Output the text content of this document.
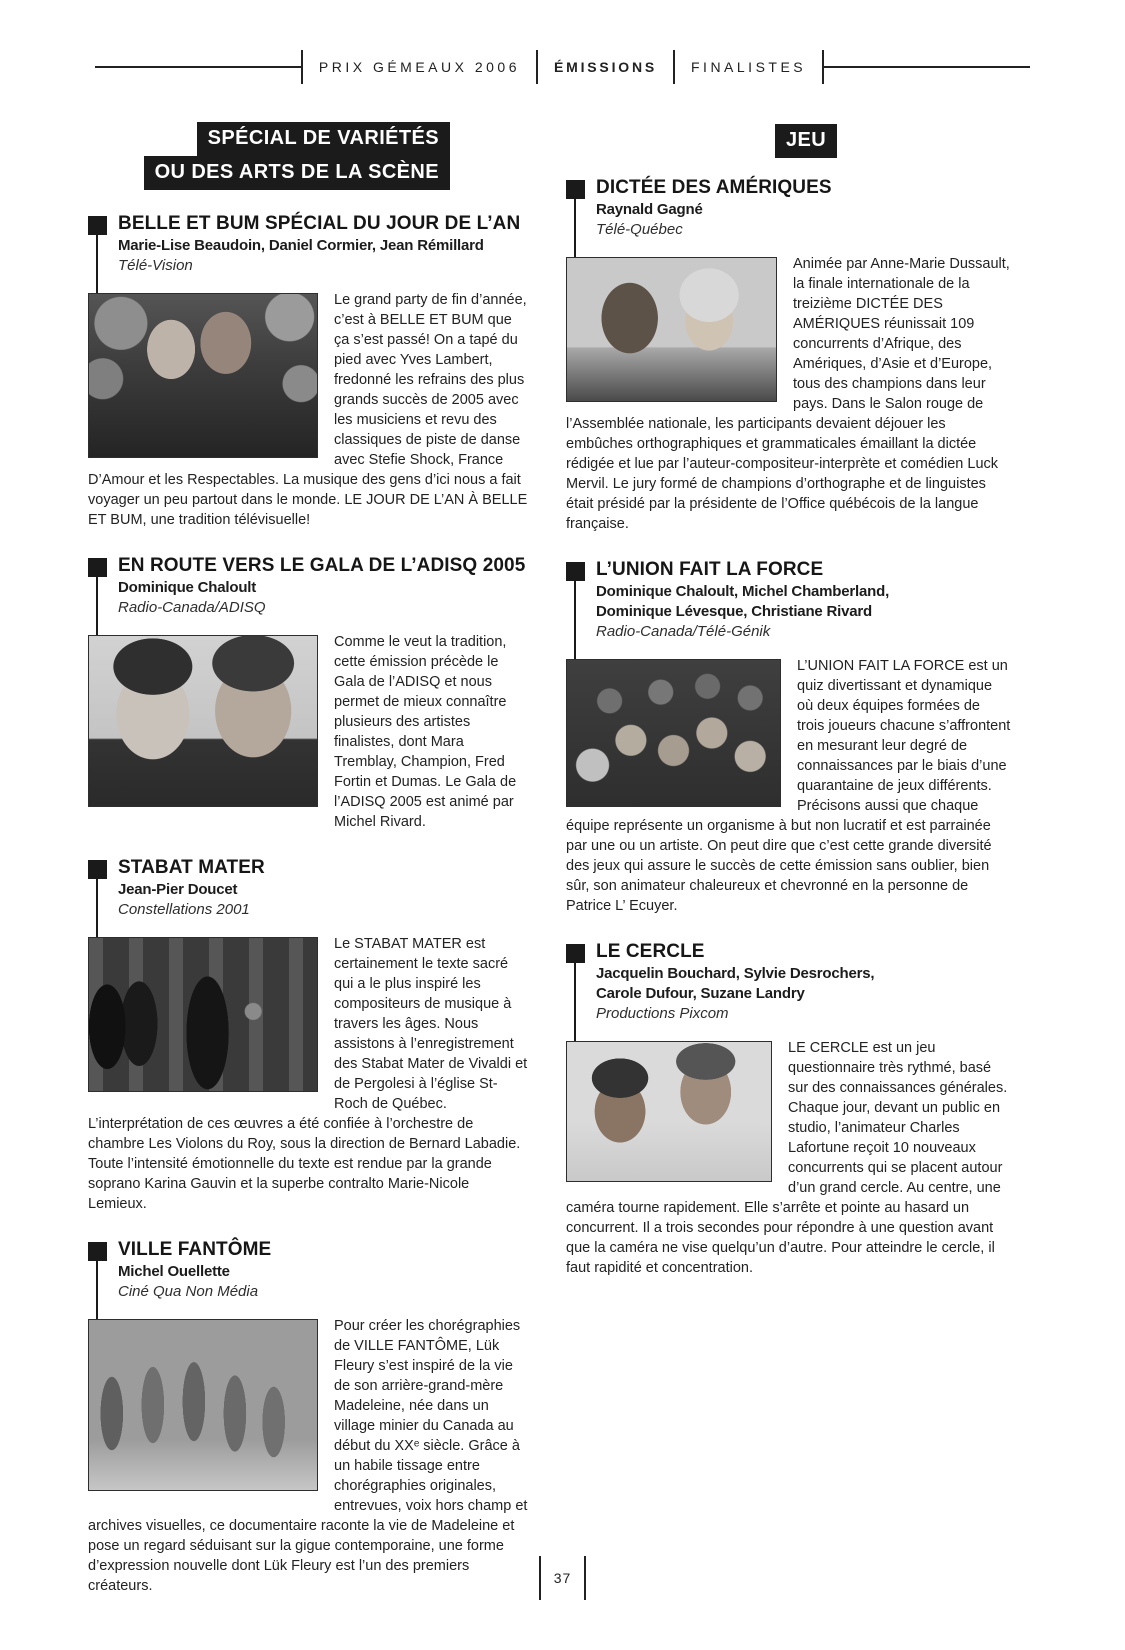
PRIX GÉMEAUX 2006 ÉMISSIONS FINALISTES
SPÉCIAL DE VARIÉTÉS
OU DES ARTS DE LA SCÈNE
JEU
BELLE ET BUM SPÉCIAL DU JOUR DE L’AN
Marie-Lise Beaudoin, Daniel Cormier, Jean Rémillard
Télé-Vision
Le grand party de fin d’année, c’est à BELLE ET BUM que ça s’est passé! On a tapé du pied avec Yves Lambert, fredonné les refrains des plus grands succès de 2005 avec les musiciens et revu des classiques de piste de danse avec Stefie Shock, France D’Amour et les Respectables. La musique des gens d’ici nous a fait voyager un peu partout dans le monde. LE JOUR DE L’AN À BELLE ET BUM, une tradition télévisuelle!
EN ROUTE VERS LE GALA DE L’ADISQ 2005
Dominique Chaloult
Radio-Canada/ADISQ
Comme le veut la tradition, cette émission précède le Gala de l’ADISQ et nous permet de mieux connaître plusieurs des artistes finalistes, dont Mara Tremblay, Champion, Fred Fortin et Dumas. Le Gala de l’ADISQ 2005 est animé par Michel Rivard.
STABAT MATER
Jean-Pier Doucet
Constellations 2001
Le STABAT MATER est certainement le texte sacré qui a le plus inspiré les compositeurs de musique à travers les âges. Nous assistons à l’enregistrement des Stabat Mater de Vivaldi et de Pergolesi à l’église St-Roch de Québec. L’interprétation de ces œuvres a été confiée à l’orchestre de chambre Les Violons du Roy, sous la direction de Bernard Labadie. Toute l’intensité émotionnelle du texte est rendue par la grande soprano Karina Gauvin et la superbe contralto Marie-Nicole Lemieux.
VILLE FANTÔME
Michel Ouellette
Ciné Qua Non Média
Pour créer les chorégraphies de VILLE FANTÔME, Lük Fleury s’est inspiré de la vie de son arrière-grand-mère Madeleine, née dans un village minier du Canada au début du XXᵉ siècle. Grâce à un habile tissage entre chorégraphies originales, entrevues, voix hors champ et archives visuelles, ce documentaire raconte la vie de Madeleine et pose un regard séduisant sur la gigue contemporaine, une forme d’expression nouvelle dont Lük Fleury est l’un des premiers créateurs.
DICTÉE DES AMÉRIQUES
Raynald Gagné
Télé-Québec
Animée par Anne-Marie Dussault, la finale internationale de la treizième DICTÉE DES AMÉRIQUES réunissait 109 concurrents d’Afrique, des Amériques, d’Asie et d’Europe, tous des champions dans leur pays. Dans le Salon rouge de l’Assemblée nationale, les participants devaient déjouer les embûches orthographiques et grammaticales émaillant la dictée rédigée et lue par l’auteur-compositeur-interprète et comédien Luck Mervil. Le jury formé de champions d’orthographe et de linguistes était présidé par la présidente de l’Office québécois de la langue française.
L’UNION FAIT LA FORCE
Dominique Chaloult, Michel Chamberland,
Dominique Lévesque, Christiane Rivard
Radio-Canada/Télé-Génik
L’UNION FAIT LA FORCE est un quiz divertissant et dynamique où deux équipes formées de trois joueurs chacune s’affrontent en mesurant leur degré de connaissances par le biais d’une quarantaine de jeux différents. Précisons aussi que chaque équipe représente un organisme à but non lucratif et est parrainée par une ou un artiste. On peut dire que c’est cette grande diversité des jeux qui assure le succès de cette émission sans oublier, bien sûr, son animateur chaleureux et chevronné en la personne de Patrice L’ Ecuyer.
LE CERCLE
Jacquelin Bouchard, Sylvie Desrochers,
Carole Dufour, Suzane Landry
Productions Pixcom
LE CERCLE est un jeu questionnaire très rythmé, basé sur des connaissances générales. Chaque jour, devant un public en studio, l’animateur Charles Lafortune reçoit 10 nouveaux concurrents qui se placent autour d’un grand cercle. Au centre, une caméra tourne rapidement. Elle s’arrête et pointe au hasard un concurrent. Il a trois secondes pour répondre à une question avant que la caméra ne vise quelqu’un d’autre. Pour atteindre le cercle, il faut rapidité et concentration.
37
